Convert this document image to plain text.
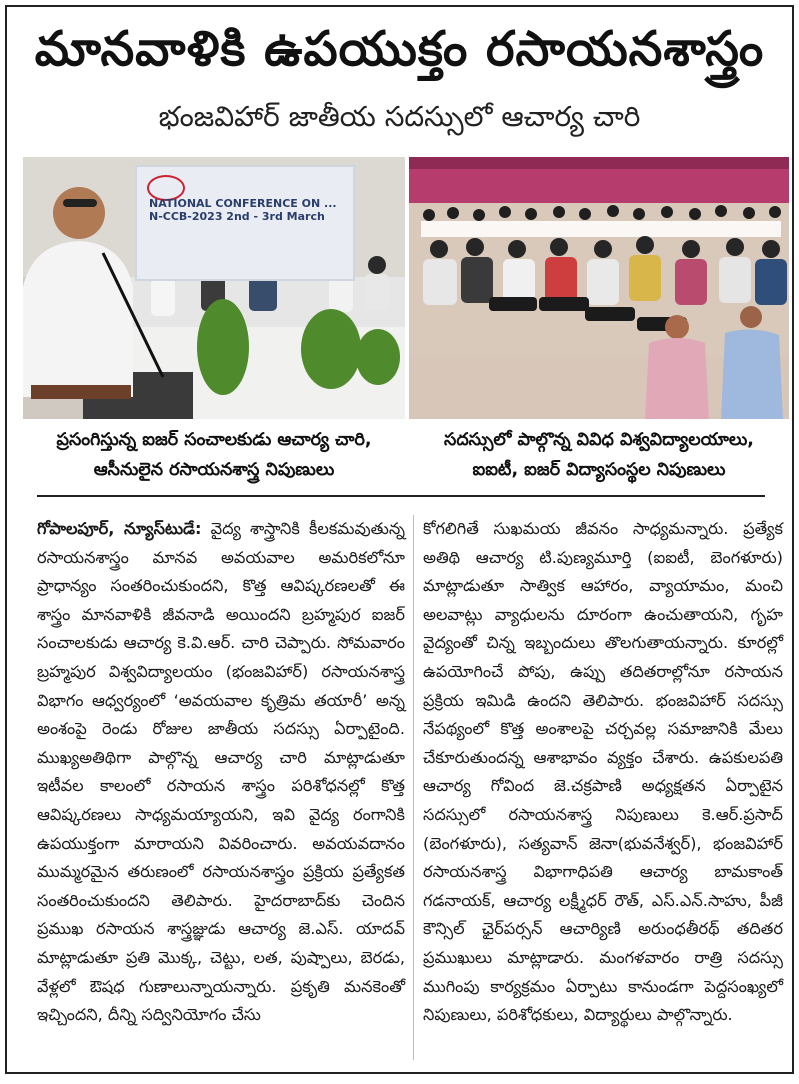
మానవాళికి ఉపయుక్తం రసాయనశాస్త్రం
భంజవిహార్ జాతీయ సదస్సులో ఆచార్య చారి
NATIONAL CONFERENCE ON ... N-CCB-2023 2nd - 3rd March
ప్రసంగిస్తున్న ఐజర్ సంచాలకుడు ఆచార్య చారి,
ఆసీనులైన రసాయనశాస్త్ర నిపుణులు
సదస్సులో పాల్గొన్న వివిధ విశ్వవిద్యాలయాలు,
ఐఐటీ, ఐజర్ విద్యాసంస్థల నిపుణులు

గోపాలపూర్, న్యూస్‌టుడే: వైద్య శాస్త్రానికి కీలకమవుతున్న రసాయనశాస్త్రం మానవ అవయవాల అమరికలోనూ ప్రాధాన్యం సంతరించుకుందని, కొత్త ఆవిష్కరణలతో ఈ శాస్త్రం మానవాళికి జీవనాడి అయిందని బ్రహ్మపుర ఐజర్ సంచాలకుడు ఆచార్య కె.వి.ఆర్. చారి చెప్పారు. సోమవారం బ్రహ్మపుర విశ్వవిద్యాలయం (భంజవిహార్) రసాయనశాస్త్ర విభాగం ఆధ్వర్యంలో ‘అవయవాల కృత్రిమ తయారీ’ అన్న అంశంపై రెండు రోజుల జాతీయ సదస్సు ఏర్పాటైంది. ముఖ్యఅతిథిగా పాల్గొన్న ఆచార్య చారి మాట్లాడుతూ ఇటీవల కాలంలో రసాయన శాస్త్రం పరిశోధనల్లో కొత్త ఆవిష్కరణలు సాధ్యమయ్యాయని, ఇవి వైద్య రంగానికి ఉపయుక్తంగా మారాయని వివరించారు. అవయవదానం ముమ్మరమైన తరుణంలో రసాయనశాస్త్రం ప్రక్రియ ప్రత్యేకత సంతరించుకుందని తెలిపారు. హైదరాబాద్‌కు చెందిన ప్రముఖ రసాయన శాస్త్రజ్ఞుడు ఆచార్య జె.ఎస్. యాదవ్ మాట్లాడుతూ ప్రతి మొక్క, చెట్టు, లత, పుష్పాలు, బెరడు, వేళ్లలో ఔషధ గుణాలున్నాయన్నారు. ప్రకృతి మనకెంతో ఇచ్చిందని, దీన్ని సద్వినియోగం చేసు

కోగలిగితే సుఖమయ జీవనం సాధ్యమన్నారు. ప్రత్యేక అతిథి ఆచార్య టి.పుణ్యమూర్తి (ఐఐటీ, బెంగళూరు) మాట్లాడుతూ సాత్విక ఆహారం, వ్యాయామం, మంచి అలవాట్లు వ్యాధులను దూరంగా ఉంచుతాయని, గృహ వైద్యంతో చిన్న ఇబ్బందులు తొలగుతాయన్నారు. కూరల్లో ఉపయోగించే పోపు, ఉప్పు తదితరాల్లోనూ రసాయన ప్రక్రియ ఇమిడి ఉందని తెలిపారు. భంజవిహార్ సదస్సు నేపథ్యంలో కొత్త అంశాలపై చర్చవల్ల సమాజానికి మేలు చేకూరుతుందన్న ఆశాభావం వ్యక్తం చేశారు. ఉపకులపతి ఆచార్య గోవింద జె.చక్రపాణి అధ్యక్షతన ఏర్పాటైన సదస్సులో రసాయనశాస్త్ర నిపుణులు కె.ఆర్.ప్రసాద్ (బెంగళూరు), సత్యవాన్ జెనా(భువనేశ్వర్), భంజవిహార్ రసాయనశాస్త్ర విభాగాధిపతి ఆచార్య బామకాంత్ గడనాయక్, ఆచార్య లక్ష్మీధర్ రౌత్, ఎస్.ఎన్.సాహు, పీజీ కౌన్సిల్ ఛైర్‌పర్సన్ ఆచార్యిణి అరుంధతీరథ్ తదితర ప్రముఖులు మాట్లాడారు. మంగళవారం రాత్రి సదస్సు ముగింపు కార్యక్రమం ఏర్పాటు కానుండగా పెద్దసంఖ్యలో నిపుణులు, పరిశోధకులు, విద్యార్థులు పాల్గొన్నారు.
